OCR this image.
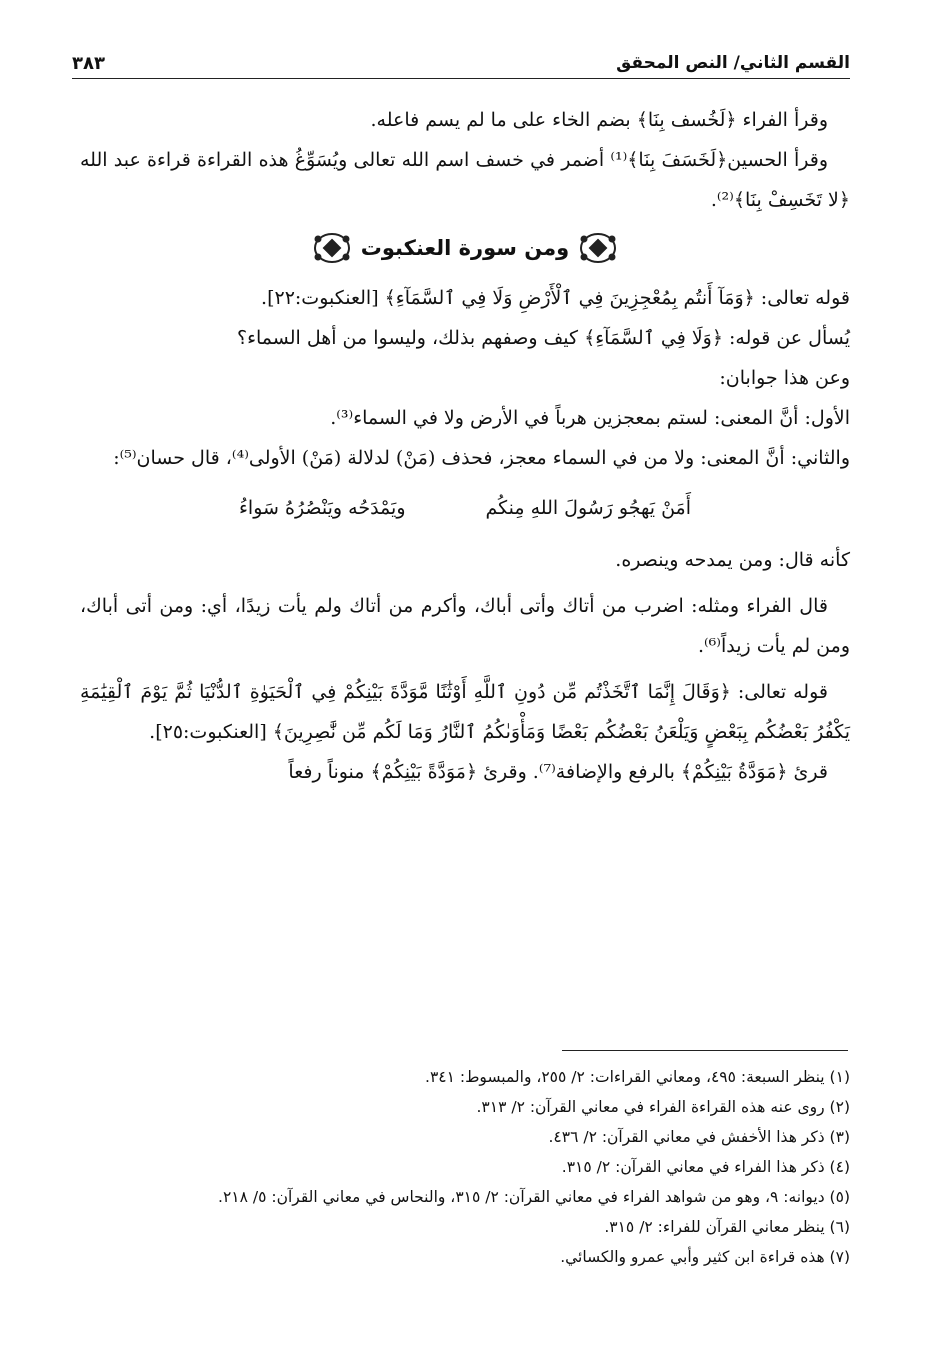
القسم الثاني/ النص المحقق
٣٨٣

وقرأ الفراء ﴿لَخُسف بِنَا﴾ بضم الخاء على ما لم يسم فاعله.

وقرأ الحسين﴿لَخَسَفَ بِنَا﴾⁽¹⁾ أضمر في خسف اسم الله تعالى ويُسَوِّغُ هذه القراءة قراءة عبد الله ﴿لا تَخَسِفْ بِنَا﴾⁽²⁾.

ومن سورة العنكبوت

قوله تعالى: ﴿وَمَآ أَنتُم بِمُعْجِزِينَ فِي ٱلْأَرْضِ وَلَا فِي ٱلسَّمَآءِ﴾ [العنكبوت:٢٢].

يُسأل عن قوله: ﴿وَلَا فِي ٱلسَّمَآءِ﴾ كيف وصفهم بذلك، وليسوا من أهل السماء؟

وعن هذا جوابان:

الأول: أنَّ المعنى: لستم بمعجزين هرباً في الأرض ولا في السماء⁽³⁾.

والثاني: أنَّ المعنى: ولا من في السماء معجز، فحذف (مَنْ) لدلالة (مَنْ) الأولى⁽⁴⁾، قال حسان⁽⁵⁾:

أَمَنْ يَهجُو رَسُولَ اللهِ مِنكُم
ويَمْدَحُه ويَنْصُرُهُ سَواءُ

كأنه قال: ومن يمدحه وينصره.

قال الفراء ومثله: اضرب من أتاك وأتى أباك، وأكرم من أتاك ولم يأت زيدًا، أي: ومن أتى أباك، ومن لم يأت زيداً⁽⁶⁾.

قوله تعالى: ﴿وَقَالَ إِنَّمَا ٱتَّخَذْتُم مِّن دُونِ ٱللَّهِ أَوْثَٰنًا مَّوَدَّةَ بَيْنِكُمْ فِي ٱلْحَيَوٰةِ ٱلدُّنْيَا ثُمَّ يَوْمَ ٱلْقِيَٰمَةِ يَكْفُرُ بَعْضُكُم بِبَعْضٍ وَيَلْعَنُ بَعْضُكُم بَعْضًا وَمَأْوَىٰكُمُ ٱلنَّارُ وَمَا لَكُم مِّن نَّٰصِرِينَ﴾ [العنكبوت:٢٥].

قرئ ﴿مَوَدَّةُ بَيْنِكُمْ﴾ بالرفع والإضافة⁽⁷⁾. وقرئ ﴿مَوَدَّةً بَيْنِكُمْ﴾ منوناً رفعاً

(١) ينظر السبعة: ٤٩٥، ومعاني القراءات: ٢/ ٢٥٥، والمبسوط: ٣٤١.

(٢) روى عنه هذه القراءة الفراء في معاني القرآن: ٢/ ٣١٣.

(٣) ذكر هذا الأخفش في معاني القرآن: ٢/ ٤٣٦.

(٤) ذكر هذا الفراء في معاني القرآن: ٢/ ٣١٥.

(٥) ديوانه: ٩، وهو من شواهد الفراء في معاني القرآن: ٢/ ٣١٥، والنحاس في معاني القرآن: ٥/ ٢١٨.

(٦) ينظر معاني القرآن للفراء: ٢/ ٣١٥.

(٧) هذه قراءة ابن كثير وأبي عمرو والكسائي.
